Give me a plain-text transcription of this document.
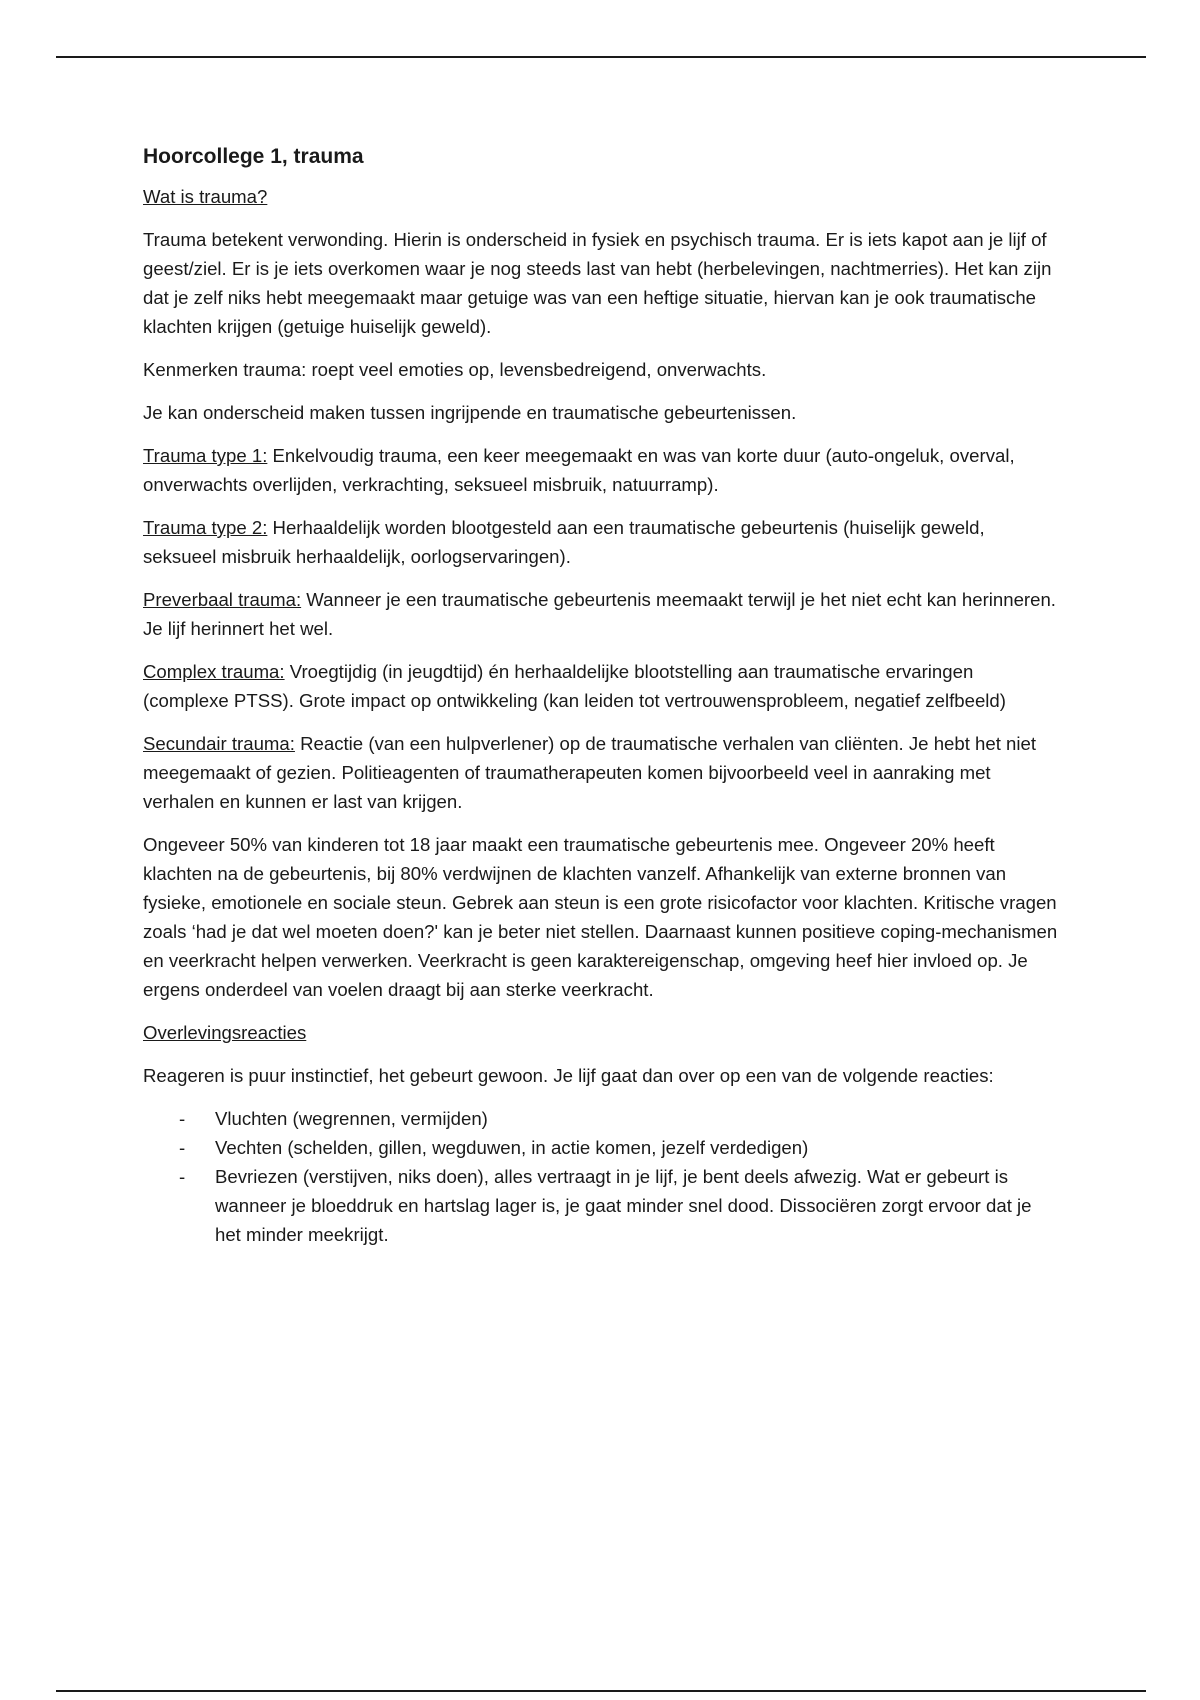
Hoorcollege 1, trauma
Wat is trauma?

Trauma betekent verwonding. Hierin is onderscheid in fysiek en psychisch trauma. Er is iets kapot aan je lijf of geest/ziel. Er is je iets overkomen waar je nog steeds last van hebt (herbelevingen, nachtmerries). Het kan zijn dat je zelf niks hebt meegemaakt maar getuige was van een heftige situatie, hiervan kan je ook traumatische klachten krijgen (getuige huiselijk geweld).

Kenmerken trauma: roept veel emoties op, levensbedreigend, onverwachts.

Je kan onderscheid maken tussen ingrijpende en traumatische gebeurtenissen.

Trauma type 1: Enkelvoudig trauma, een keer meegemaakt en was van korte duur (auto-ongeluk, overval, onverwachts overlijden, verkrachting, seksueel misbruik, natuurramp).

Trauma type 2: Herhaaldelijk worden blootgesteld aan een traumatische gebeurtenis (huiselijk geweld, seksueel misbruik herhaaldelijk, oorlogservaringen).

Preverbaal trauma: Wanneer je een traumatische gebeurtenis meemaakt terwijl je het niet echt kan herinneren. Je lijf herinnert het wel.

Complex trauma: Vroegtijdig (in jeugdtijd) én herhaaldelijke blootstelling aan traumatische ervaringen (complexe PTSS). Grote impact op ontwikkeling (kan leiden tot vertrouwensprobleem, negatief zelfbeeld)

Secundair trauma: Reactie (van een hulpverlener) op de traumatische verhalen van cliënten. Je hebt het niet meegemaakt of gezien. Politieagenten of traumatherapeuten komen bijvoorbeeld veel in aanraking met verhalen en kunnen er last van krijgen.

Ongeveer 50% van kinderen tot 18 jaar maakt een traumatische gebeurtenis mee. Ongeveer 20% heeft klachten na de gebeurtenis, bij 80% verdwijnen de klachten vanzelf. Afhankelijk van externe bronnen van fysieke, emotionele en sociale steun. Gebrek aan steun is een grote risicofactor voor klachten. Kritische vragen zoals ‘had je dat wel moeten doen?' kan je beter niet stellen. Daarnaast kunnen positieve coping-mechanismen en veerkracht helpen verwerken. Veerkracht is geen karaktereigenschap, omgeving heef hier invloed op. Je ergens onderdeel van voelen draagt bij aan sterke veerkracht.

Overlevingsreacties

Reageren is puur instinctief, het gebeurt gewoon. Je lijf gaat dan over op een van de volgende reacties:

- Vluchten (wegrennen, vermijden)
- Vechten (schelden, gillen, wegduwen, in actie komen, jezelf verdedigen)
- Bevriezen (verstijven, niks doen), alles vertraagt in je lijf, je bent deels afwezig. Wat er gebeurt is wanneer je bloeddruk en hartslag lager is, je gaat minder snel dood. Dissociëren zorgt ervoor dat je het minder meekrijgt.
